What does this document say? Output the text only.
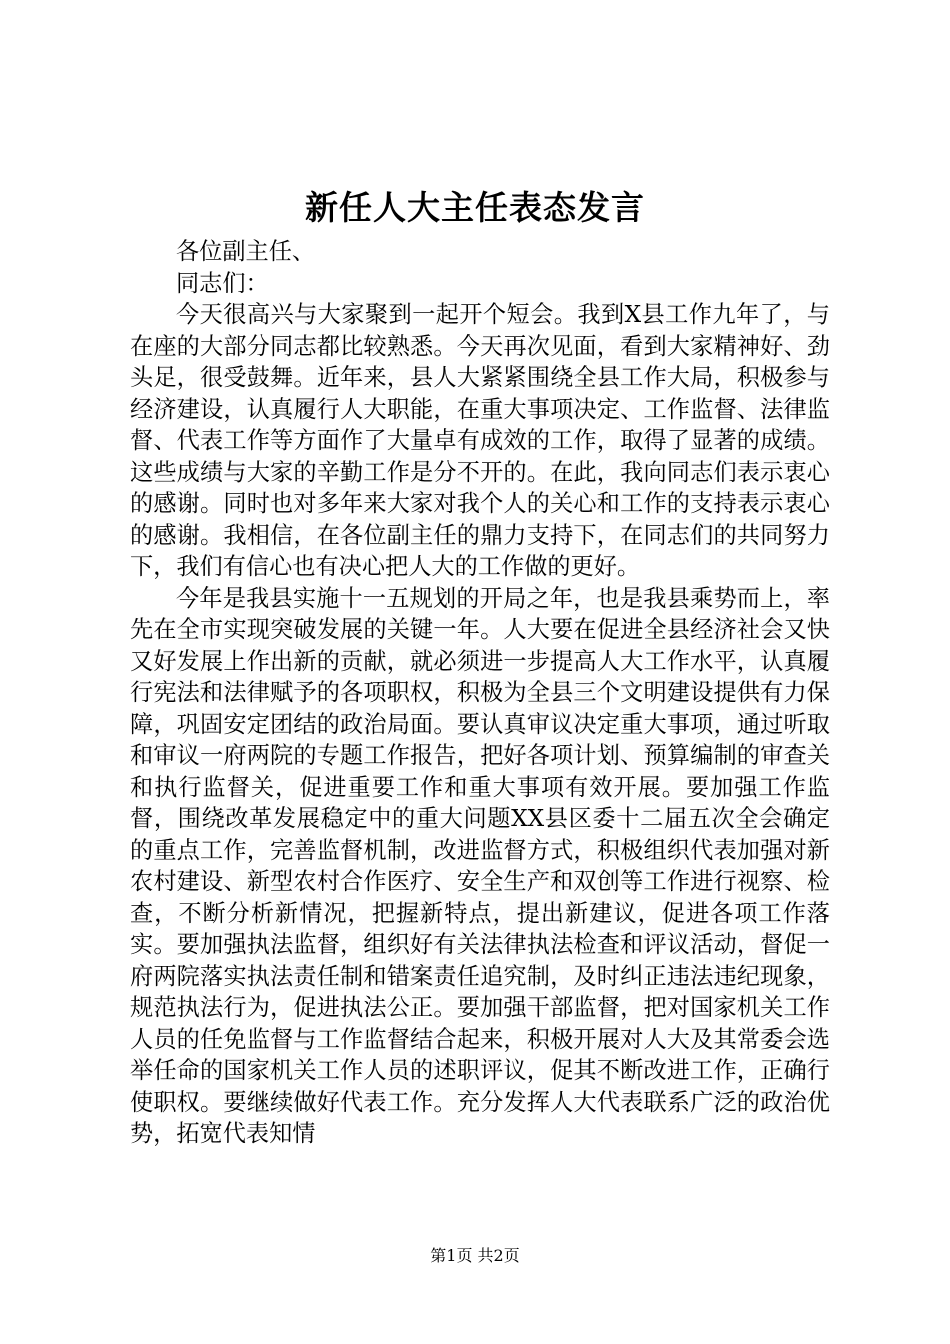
新任人大主任表态发言

各位副主任、

同志们：

今天很高兴与大家聚到一起开个短会。我到X县工作九年了，与在座的大部分同志都比较熟悉。今天再次见面，看到大家精神好、劲头足，很受鼓舞。近年来，县人大紧紧围绕全县工作大局，积极参与经济建设，认真履行人大职能，在重大事项决定、工作监督、法律监督、代表工作等方面作了大量卓有成效的工作，取得了显著的成绩。这些成绩与大家的辛勤工作是分不开的。在此，我向同志们表示衷心的感谢。同时也对多年来大家对我个人的关心和工作的支持表示衷心的感谢。我相信，在各位副主任的鼎力支持下，在同志们的共同努力下，我们有信心也有决心把人大的工作做的更好。

今年是我县实施十一五规划的开局之年，也是我县乘势而上，率先在全市实现突破发展的关键一年。人大要在促进全县经济社会又快又好发展上作出新的贡献，就必须进一步提高人大工作水平，认真履行宪法和法律赋予的各项职权，积极为全县三个文明建设提供有力保障，巩固安定团结的政治局面。要认真审议决定重大事项，通过听取和审议一府两院的专题工作报告，把好各项计划、预算编制的审查关和执行监督关，促进重要工作和重大事项有效开展。要加强工作监督，围绕改革发展稳定中的重大问题XX县区委十二届五次全会确定的重点工作，完善监督机制，改进监督方式，积极组织代表加强对新农村建设、新型农村合作医疗、安全生产和双创等工作进行视察、检查，不断分析新情况，把握新特点，提出新建议，促进各项工作落实。要加强执法监督，组织好有关法律执法检查和评议活动，督促一府两院落实执法责任制和错案责任追究制，及时纠正违法违纪现象，规范执法行为，促进执法公正。要加强干部监督，把对国家机关工作人员的任免监督与工作监督结合起来，积极开展对人大及其常委会选举任命的国家机关工作人员的述职评议，促其不断改进工作，正确行使职权。要继续做好代表工作。充分发挥人大代表联系广泛的政治优势，拓宽代表知情

第1页 共2页
